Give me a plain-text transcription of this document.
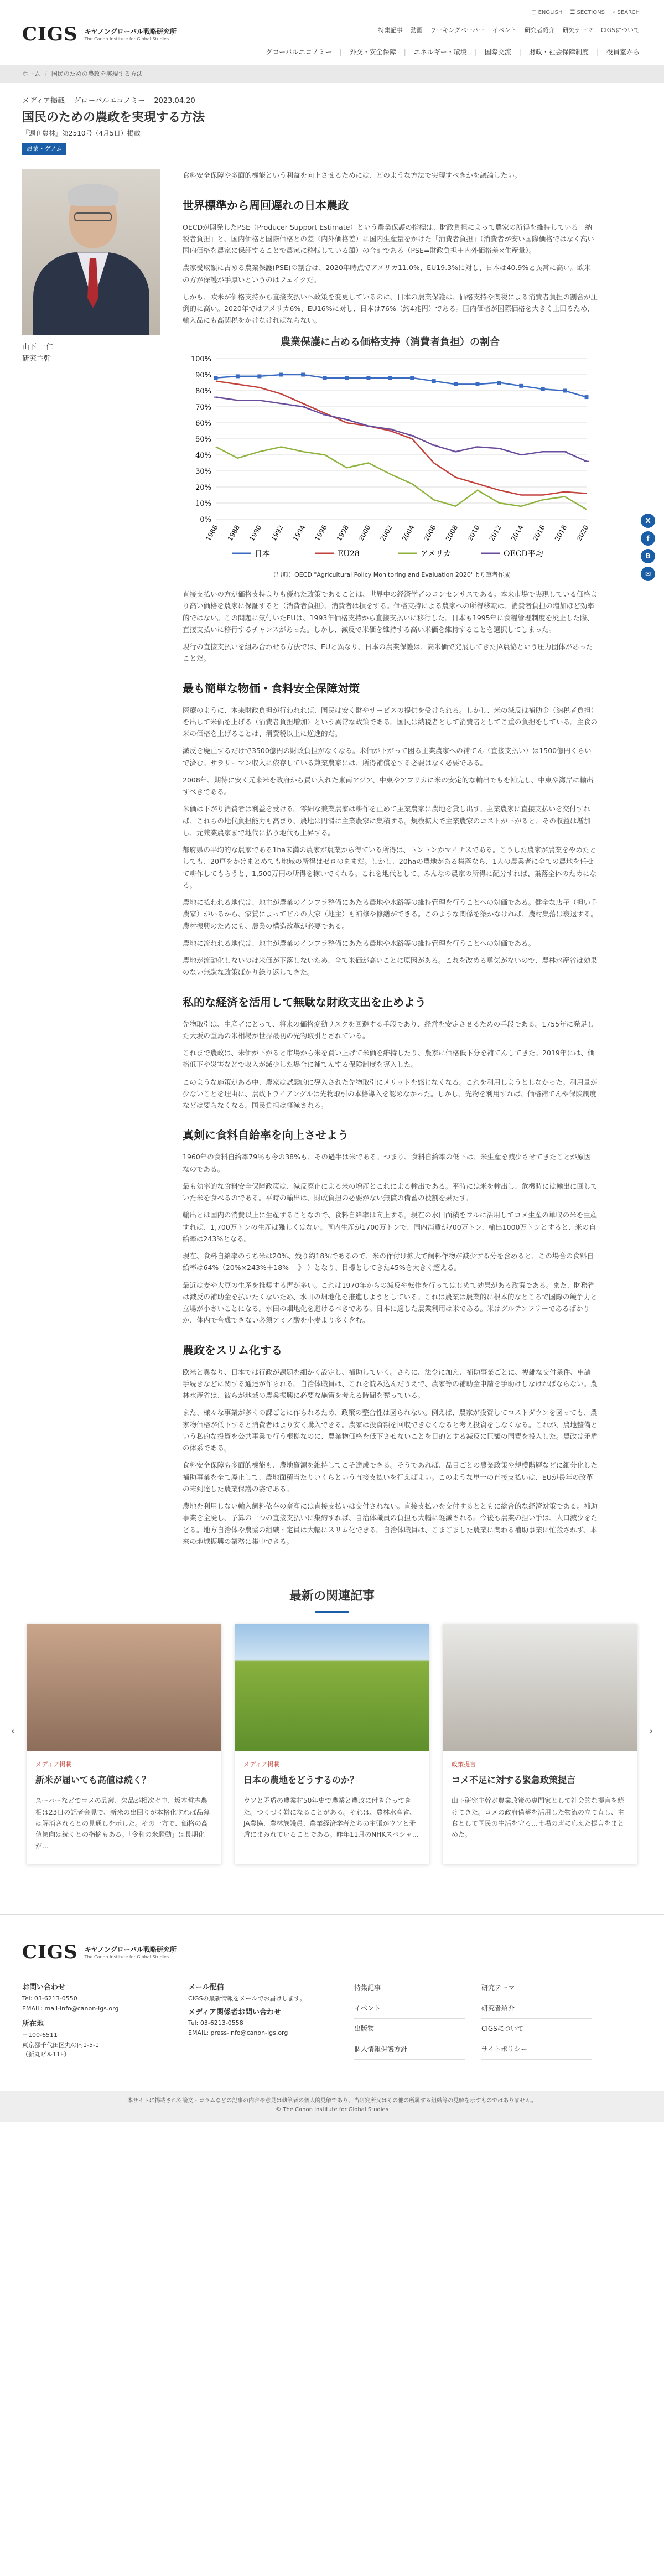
CIGS キヤノングローバル戦略研究所
The Canon Institute for Global Studies
▢ ENGLISH ☰ SECTIONS ⌕ SEARCH
特集記事 動画 ワーキングペーパー イベント 研究者紹介 研究テーマ CIGSについて
グローバルエコノミー | 外交・安全保障 | エネルギー・環境 | 国際交流 | 財政・社会保障制度 | 役員室から
ホーム / 国民のための農政を実現する方法
メディア掲載 グローバルエコノミー 2023.04.20
国民のための農政を実現する方法
『週刊農林』第2510号（4月5日）掲載
農業・ゲノム
山下 一仁
研究主幹

食料安全保障や多面的機能という利益を向上させるためには、どのような方法で実現すべきかを議論したい。

世界標準から周回遅れの日本農政

OECDが開発したPSE（Producer Support Estimate）という農業保護の指標は、財政負担によって農家の所得を維持している「納税者負担」と、国内価格と国際価格との差（内外価格差）に国内生産量をかけた「消費者負担」（消費者が安い国際価格ではなく高い国内価格を農家に保証することで農家に移転している額）の合計である（PSE=財政負担＋内外価格差×生産量）。

農家受取額に占める農業保護(PSE)の割合は、2020年時点でアメリカ11.0%、EU19.3%に対し、日本は40.9%と異常に高い。欧米の方が保護が手厚いというのはフェイクだ。

しかも、欧米が価格支持から直接支払いへ政策を変更しているのに、日本の農業保護は、価格支持や関税による消費者負担の割合が圧倒的に高い。2020年ではアメリカ6%、EU16%に対し、日本は76%（約4兆円）である。国内価格が国際価格を大きく上回るため、輸入品にも高関税をかけなければならない。

農業保護に占める価格支持（消費者負担）の割合
0%
10%
20%
30%
40%
50%
60%
70%
80%
90%
100%
1986 1988 1990 1992 1994 1996 1998 2000 2002 2004 2006 2008 2010 2012 2014 2016 2018 2020
日本	EU28	アメリカ	OECD平均
（出典）OECD "Agricultural Policy Monitoring and Evaluation 2020"より筆者作成

直接支払いの方が価格支持よりも優れた政策であることは、世界中の経済学者のコンセンサスである。本来市場で実現している価格より高い価格を農家に保証すると（消費者負担）、消費者は損をする。価格支持による農家への所得移転は、消費者負担の増加ほど効率的ではない。この問題に気付いたEUは、1993年価格支持から直接支払いに移行した。日本も1995年に食糧管理制度を廃止した際、直接支払いに移行するチャンスがあった。しかし、減反で米価を維持する高い米価を維持することを選択してしまった。

現行の直接支払いを組み合わせる方法では、EUと異なり、日本の農業保護は、高米価で発展してきたJA農協という圧力団体があったことだ。

最も簡単な物価・食料安全保障対策

医療のように、本来財政負担が行われれば、国民は安く財やサービスの提供を受けられる。しかし、米の減反は補助金（納税者負担）を出して米価を上げる（消費者負担増加）という異常な政策である。国民は納税者として消費者としてこ重の負担をしている。主食の米の価格を上げることは、消費税以上に逆進的だ。

減反を廃止するだけで3500億円の財政負担がなくなる。米価が下がって困る主業農家への補てん（直接支払い）は1500億円くらいで済む。サラリーマン収入に依存している兼業農家には、所得補償をする必要はなく必要である。

2008年、期待に安く元来米を政府から買い入れた東南アジア、中東やアフリカに米の安定的な輸出でもを補完し、中東や湾岸に輸出すべきである。

米価は下がり消費者は利益を受ける。零細な兼業農家は耕作を止めて主業農家に農地を貸し出す。主業農家に直接支払いを交付すれば、これらの地代負担能力も高まり、農地は円滑に主業農家に集積する。規模拡大で主業農家のコストが下がると、その収益は増加し、元兼業農家まで地代に払う地代も上昇する。

都府県の平均的な農家である1ha未満の農家が農業から得ている所得は、トントンかマイナスである。こうした農家が農業をやめたとしても、20戸をかけまとめても地域の所得はゼロのままだ。しかし、20haの農地がある集落なら、1人の農業者に全ての農地を任せて耕作してもらうと、1,500万円の所得を稼いでくれる。これを地代として、みんなの農家の所得に配分すれば、集落全体のためになる。

農地に払われる地代は、地主が農業のインフラ整備にあたる農地や水路等の維持管理を行うことへの対価である。健全な店子（担い手農家）がいるから、家賃によってビルの大家（地主）も補修や修繕ができる。このような関係を築かなければ、農村集落は衰退する。農村振興のためにも、農業の構造改革が必要である。

農地に流れれる地代は、地主が農業のインフラ整備にあたる農地や水路等の維持管理を行うことへの対価である。

農地が流動化しないのは米価が下落しないため、全て米価が高いことに原因がある。これを改める勇気がないので、農林水産省は効果のない無駄な政策ばかり繰り返してきた。

私的な経済を活用して無駄な財政支出を止めよう

先物取引は、生産者にとって、将来の価格変動リスクを回避する手段であり、経営を安定させるための手段である。1755年に発足した大坂の堂島の米相場が世界最初の先物取引とされている。

これまで農政は、米価が下がると市場から米を買い上げて米価を維持したり、農家に価格低下分を補てんしてきた。2019年には、価格低下や災害などで収入が減少した場合に補てんする保険制度を導入した。

このような施策がある中、農家は試験的に導入された先物取引にメリットを感じなくなる。これを利用しようとしなかった。利用量が少ないことを理由に、農政トライアングルは先物取引の本格導入を認めなかった。しかし、先物を利用すれば、価格補てんや保険制度などは要らなくなる。国民負担は軽減される。

真剣に食料自給率を向上させよう

1960年の食料自給率79％も今の38%も、その過半は米である。つまり、食料自給率の低下は、米生産を減少させてきたことが原因なのである。

最も効率的な食料安全保障政策は、減反廃止による米の増産とこれによる輸出である。平時には米を輸出し、危機時には輸出に回していた米を食べるのである。平時の輸出は、財政負担の必要がない無償の備蓄の役割を果たす。

輸出とは国内の消費以上に生産することなので、食料自給率は向上する。現在の水田面積をフルに活用してコメ生産の単収の米を生産すれば、1,700万トンの生産は難しくはない。国内生産が1700万トンで、国内消費が700万トン、輸出1000万トンとすると、米の自給率は243%となる。

現在、食料自給率のうち米は20%、残り約18%であるので、米の作付け拡大で飼料作物が減少する分を含めると、この場合の食料自給率は64%（20%×243%＋18%＝ 》 ）となり、目標としてきた45%を大きく超える。

最近は麦や大豆の生産を推奨する声が多い。これは1970年からの減反や転作を行ってはじめて効果がある政策である。また、財務省は減反の補助金を払いたくないため、水田の畑地化を推進しようとしている。これは農業は農業的に根本的なところで国際の競争力と立場が小さいことになる。水田の畑地化を避けるべきである。日本に適した農業利用は米である。米はグルテンフリーであるばかりか、体内で合成できない必須アミノ酸を小麦より多く含む。

農政をスリム化する

欧米と異なり、日本では行政が課題を細かく設定し、補助していく。さらに、法令に加え、補助事業ごとに、複雑な交付条件、申請手続きなどに関する通達が作られる。自治体職員は、これを読み込んだうえで、農家等の補助金申請を手助けしなければならない。農林水産省は、彼らが地域の農業振興に必要な施策を考える時間を奪っている。

また、様々な事業が多くの課ごとに作られるため、政策の整合性は図られない。例えば、農家が投資してコストダウンを図っても、農家物価格が低下すると消費者はより安く購入できる。農家は投資額を回収できなくなると考え投資をしなくなる。これが、農地整備という私的な投資を公共事業で行う根拠なのに、農業物価格を低下させないことを目的とする減反に巨額の国費を投入した。農政は矛盾の体系である。

食料安全保障も多面的機能も、農地資源を維持してこそ達成できる。そうであれば、品目ごとの農業政策や規模階層などに細分化した補助事業を全て廃止して、農地面積当たりいくらという直接支払いを行えばよい。このような単一の直接支払いは、EUが長年の改革の末到達した農業保護の姿である。

農地を利用しない輸入飼料依存の畜産には直接支払いは交付されない。直接支払いを交付するとともに総合的な経済対策である。補助事業を全廃し、予算の一つの直接支払いに集約すれば、自治体職員の負担も大幅に軽減される。今後も農業の担い手は、人口減少をたどる。地方自治体や農協の組織・定員は大幅にスリム化できる。自治体職員は、こまごました農業に関わる補助事業に忙殺されず、本来の地域振興の業務に集中できる。

X
f
B
✉
最新の関連記事
‹
メディア掲載
新米が届いても高値は続く？
スーパーなどでコメの品薄、欠品が相次ぐ中、坂本哲志農相は23日の記者会見で、新米の出回りが本格化すれば品薄は解消されるとの見通しを示した。その一方で、価格の高値傾向は続くとの指摘もある。「令和の米騒動」は長期化が…
メディア掲載
日本の農地をどうするのか？
ウソと矛盾の農業村50年史で農業と農政に付き合ってきた。つくづく嫌になることがある。それは、農林水産省、JA農協、農林族議員、農業経済学者たちの主張がウソと矛盾にまみれていることである。昨年11月のNHKスペシャ…
政策提言
コメ不足に対する緊急政策提言
山下研究主幹が農業政策の専門家として社会的な提言を続けてきた。コメの政府備蓄を活用した物流の立て直し、主食として国民の生活を守る…市場の声に応えた提言をまとめた。
›
CIGS キヤノングローバル戦略研究所
The Canon Institute for Global Studies
お問い合わせ
Tel: 03-6213-0550
EMAIL: mail-info@canon-igs.org
所在地
〒100-6511
東京都千代田区丸の内1-5-1
（新丸ビル11F）
メール配信
CIGSの最新情報をメールでお届けします。
メディア関係者お問い合わせ
Tel: 03-6213-0558
EMAIL: press-info@canon-igs.org
特集記事	研究テーマ
イベント	研究者紹介
出版物	CIGSについて
個人情報保護方針	サイトポリシー
本サイトに掲載された論文・コラムなどの記事の内容や意見は執筆者の個人的見解であり、当研究所又はその他の所属する組織等の見解を示すものではありません。
© The Canon Institute for Global Studies
